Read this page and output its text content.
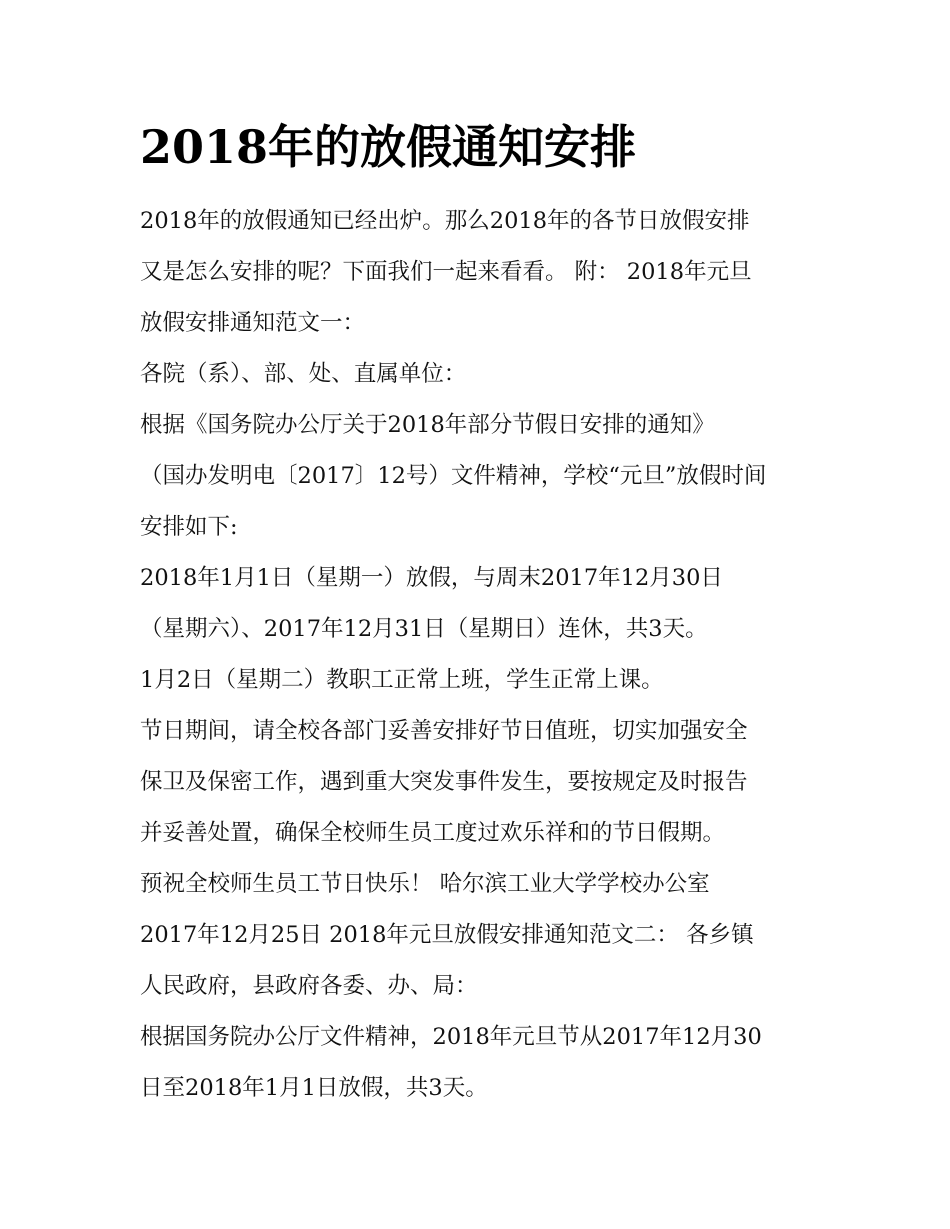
2018年的放假通知安排

2018年的放假通知已经出炉。那么2018年的各节日放假安排

又是怎么安排的呢？下面我们一起来看看。 附： 2018年元旦

放假安排通知范文一：

各院（系）、部、处、直属单位：

根据《国务院办公厅关于2018年部分节假日安排的通知》

（国办发明电〔2017〕12号）文件精神，学校“元旦”放假时间

安排如下:

2018年1月1日（星期一）放假，与周末2017年12月30日

（星期六）、2017年12月31日（星期日）连休，共3天。

1月2日（星期二）教职工正常上班，学生正常上课。

节日期间，请全校各部门妥善安排好节日值班，切实加强安全

保卫及保密工作，遇到重大突发事件发生，要按规定及时报告

并妥善处置，确保全校师生员工度过欢乐祥和的节日假期。

预祝全校师生员工节日快乐！ 哈尔滨工业大学学校办公室

2017年12月25日 2018年元旦放假安排通知范文二： 各乡镇

人民政府，县政府各委、办、局：

根据国务院办公厅文件精神，2018年元旦节从2017年12月30

日至2018年1月1日放假，共3天。
